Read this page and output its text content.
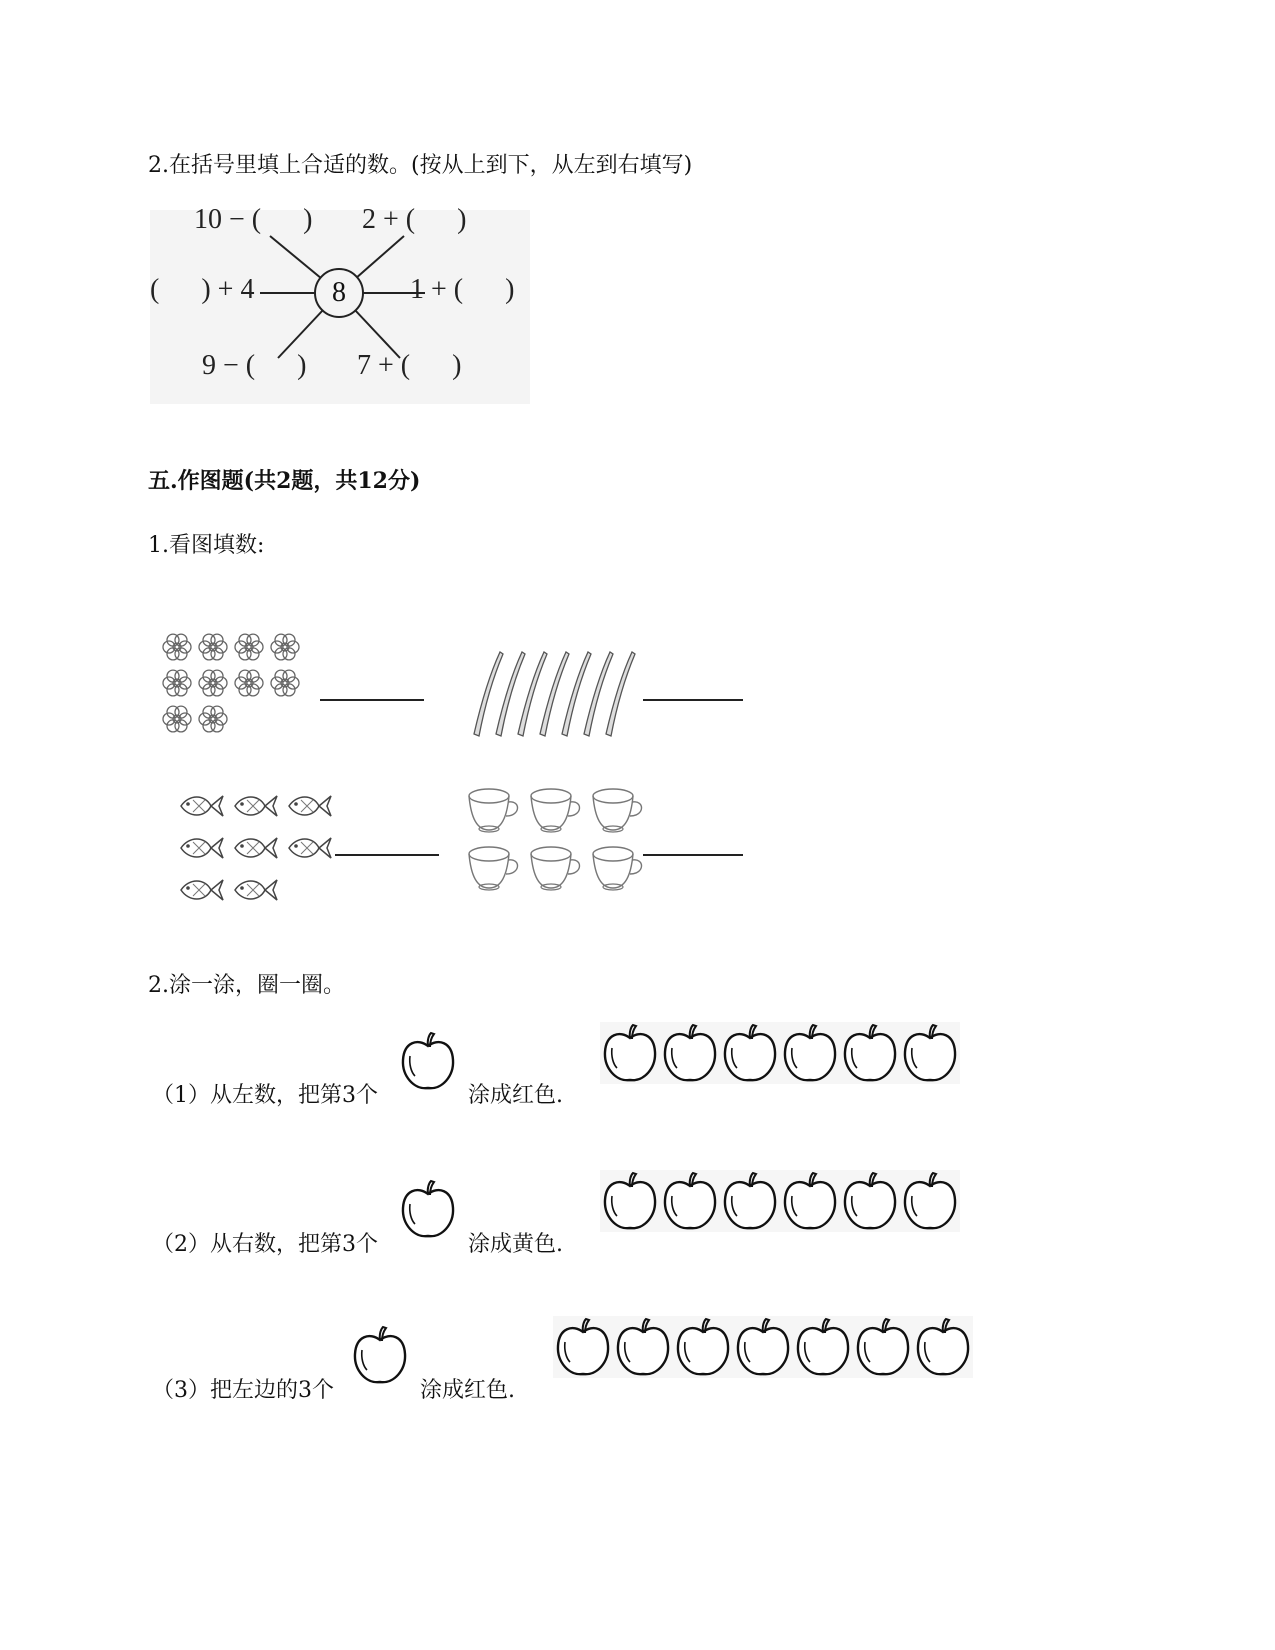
2.在括号里填上合适的数。(按从上到下，从左到右填写)
8
10 − (      ) 2 + (      )
(      ) + 4	1 + (      )
9 − (      ) 7 + (      )
五.作图题(共2题，共12分)
1.看图填数:
2.涂一涂，圈一圈。
（1）从左数，把第3个	涂成红色.
（2）从右数，把第3个	涂成黄色.
（3）把左边的3个	涂成红色.
